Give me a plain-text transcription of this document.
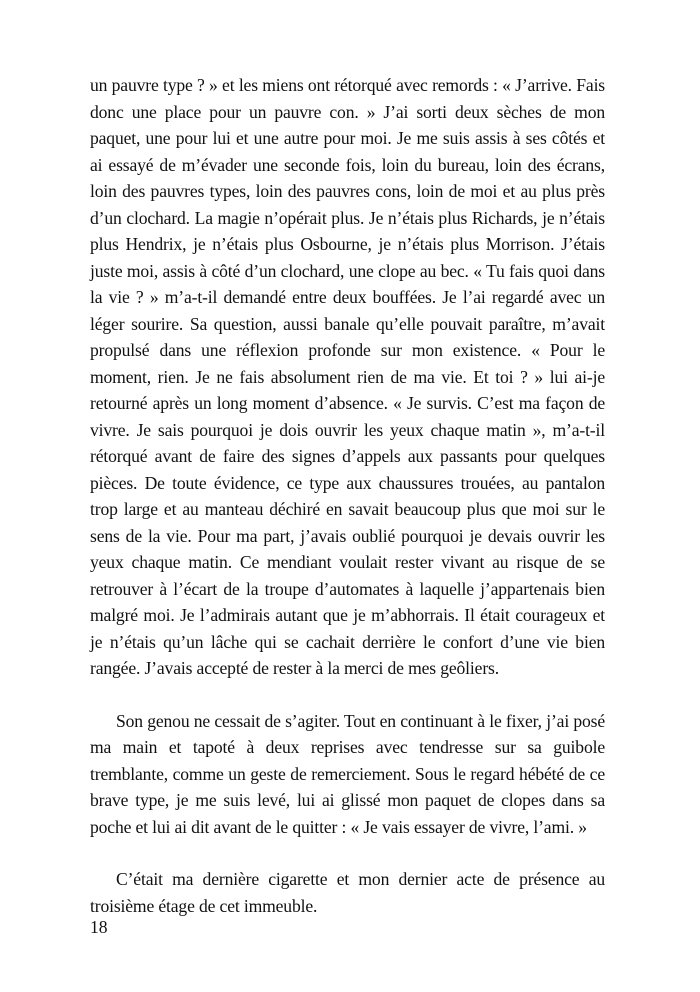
un pauvre type ? » et les miens ont rétorqué avec remords : « J’arrive. Fais donc une place pour un pauvre con. » J’ai sorti deux sèches de mon paquet, une pour lui et une autre pour moi. Je me suis assis à ses côtés et ai essayé de m’évader une seconde fois, loin du bureau, loin des écrans, loin des pauvres types, loin des pauvres cons, loin de moi et au plus près d’un clochard. La magie n’opérait plus. Je n’étais plus Richards, je n’étais plus Hendrix, je n’étais plus Osbourne, je n’étais plus Morrison. J’étais juste moi, assis à côté d’un clochard, une clope au bec. « Tu fais quoi dans la vie ? » m’a-t-il demandé entre deux bouffées. Je l’ai regardé avec un léger sourire. Sa question, aussi banale qu’elle pouvait paraître, m’avait propulsé dans une réflexion profonde sur mon existence. « Pour le moment, rien. Je ne fais absolument rien de ma vie. Et toi ? » lui ai-je retourné après un long moment d’absence. « Je survis. C’est ma façon de vivre. Je sais pourquoi je dois ouvrir les yeux chaque matin », m’a-t-il rétorqué avant de faire des signes d’appels aux passants pour quelques pièces. De toute évidence, ce type aux chaussures trouées, au pantalon trop large et au manteau déchiré en savait beaucoup plus que moi sur le sens de la vie. Pour ma part, j’avais oublié pourquoi je devais ouvrir les yeux chaque matin. Ce mendiant voulait rester vivant au risque de se retrouver à l’écart de la troupe d’automates à laquelle j’appartenais bien malgré moi. Je l’admirais autant que je m’abhorrais. Il était courageux et je n’étais qu’un lâche qui se cachait derrière le confort d’une vie bien rangée. J’avais accepté de rester à la merci de mes geôliers.

Son genou ne cessait de s’agiter. Tout en continuant à le fixer, j’ai posé ma main et tapoté à deux reprises avec tendresse sur sa guibole tremblante, comme un geste de remerciement. Sous le regard hébété de ce brave type, je me suis levé, lui ai glissé mon paquet de clopes dans sa poche et lui ai dit avant de le quitter : « Je vais essayer de vivre, l’ami. »

C’était ma dernière cigarette et mon dernier acte de présence au troisième étage de cet immeuble.

18
